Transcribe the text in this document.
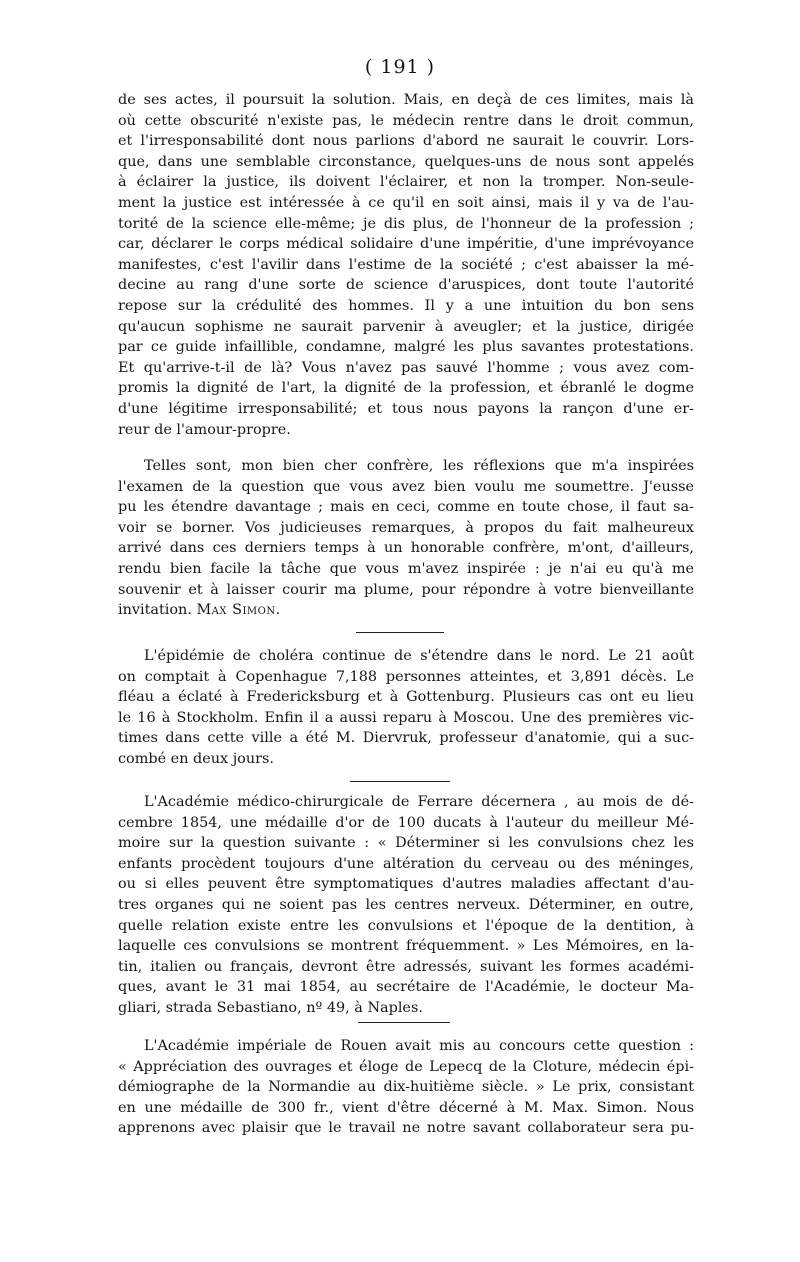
( 191 )
de ses actes, il poursuit la solution. Mais, en deçà de ces limites, mais là
où cette obscurité n'existe pas, le médecin rentre dans le droit commun,
et l'irresponsabilité dont nous parlions d'abord ne saurait le couvrir. Lors-
que, dans une semblable circonstance, quelques-uns de nous sont appelés
à éclairer la justice, ils doivent l'éclairer, et non la tromper. Non-seule-
ment la justice est intéressée à ce qu'il en soit ainsi, mais il y va de l'au-
torité de la science elle-même; je dis plus, de l'honneur de la profession ;
car, déclarer le corps médical solidaire d'une impéritie, d'une imprévoyance
manifestes, c'est l'avilir dans l'estime de la société ; c'est abaisser la mé-
decine au rang d'une sorte de science d'aruspices, dont toute l'autorité
repose sur la crédulité des hommes. Il y a une intuition du bon sens
qu'aucun sophisme ne saurait parvenir à aveugler; et la justice, dirigée
par ce guide infaillible, condamne, malgré les plus savantes protestations.
Et qu'arrive-t-il de là? Vous n'avez pas sauvé l'homme ; vous avez com-
promis la dignité de l'art, la dignité de la profession, et ébranlé le dogme
d'une légitime irresponsabilité; et tous nous payons la rançon d'une er-
reur de l'amour-propre.
Telles sont, mon bien cher confrère, les réflexions que m'a inspirées
l'examen de la question que vous avez bien voulu me soumettre. J'eusse
pu les étendre davantage ; mais en ceci, comme en toute chose, il faut sa-
voir se borner. Vos judicieuses remarques, à propos du fait malheureux
arrivé dans ces derniers temps à un honorable confrère, m'ont, d'ailleurs,
rendu bien facile la tâche que vous m'avez inspirée : je n'ai eu qu'à me
souvenir et à laisser courir ma plume, pour répondre à votre bienveillante
invitation. Max Simon.
L'épidémie de choléra continue de s'étendre dans le nord. Le 21 août
on comptait à Copenhague 7,188 personnes atteintes, et 3,891 décès. Le
fléau a éclaté à Fredericksburg et à Gottenburg. Plusieurs cas ont eu lieu
le 16 à Stockholm. Enfin il a aussi reparu à Moscou. Une des premières vic-
times dans cette ville a été M. Diervruk, professeur d'anatomie, qui a suc-
combé en deux jours.
L'Académie médico-chirurgicale de Ferrare décernera , au mois de dé-
cembre 1854, une médaille d'or de 100 ducats à l'auteur du meilleur Mé-
moire sur la question suivante : « Déterminer si les convulsions chez les
enfants procèdent toujours d'une altération du cerveau ou des méninges,
ou si elles peuvent être symptomatiques d'autres maladies affectant d'au-
tres organes qui ne soient pas les centres nerveux. Déterminer, en outre,
quelle relation existe entre les convulsions et l'époque de la dentition, à
laquelle ces convulsions se montrent fréquemment. » Les Mémoires, en la-
tin, italien ou français, devront être adressés, suivant les formes académi-
ques, avant le 31 mai 1854, au secrétaire de l'Académie, le docteur Ma-
gliari, strada Sebastiano, nº 49, à Naples.
L'Académie impériale de Rouen avait mis au concours cette question :
« Appréciation des ouvrages et éloge de Lepecq de la Cloture, médecin épi-
démiographe de la Normandie au dix-huitième siècle. » Le prix, consistant
en une médaille de 300 fr., vient d'être décerné à M. Max. Simon. Nous
apprenons avec plaisir que le travail ne notre savant collaborateur sera pu-
